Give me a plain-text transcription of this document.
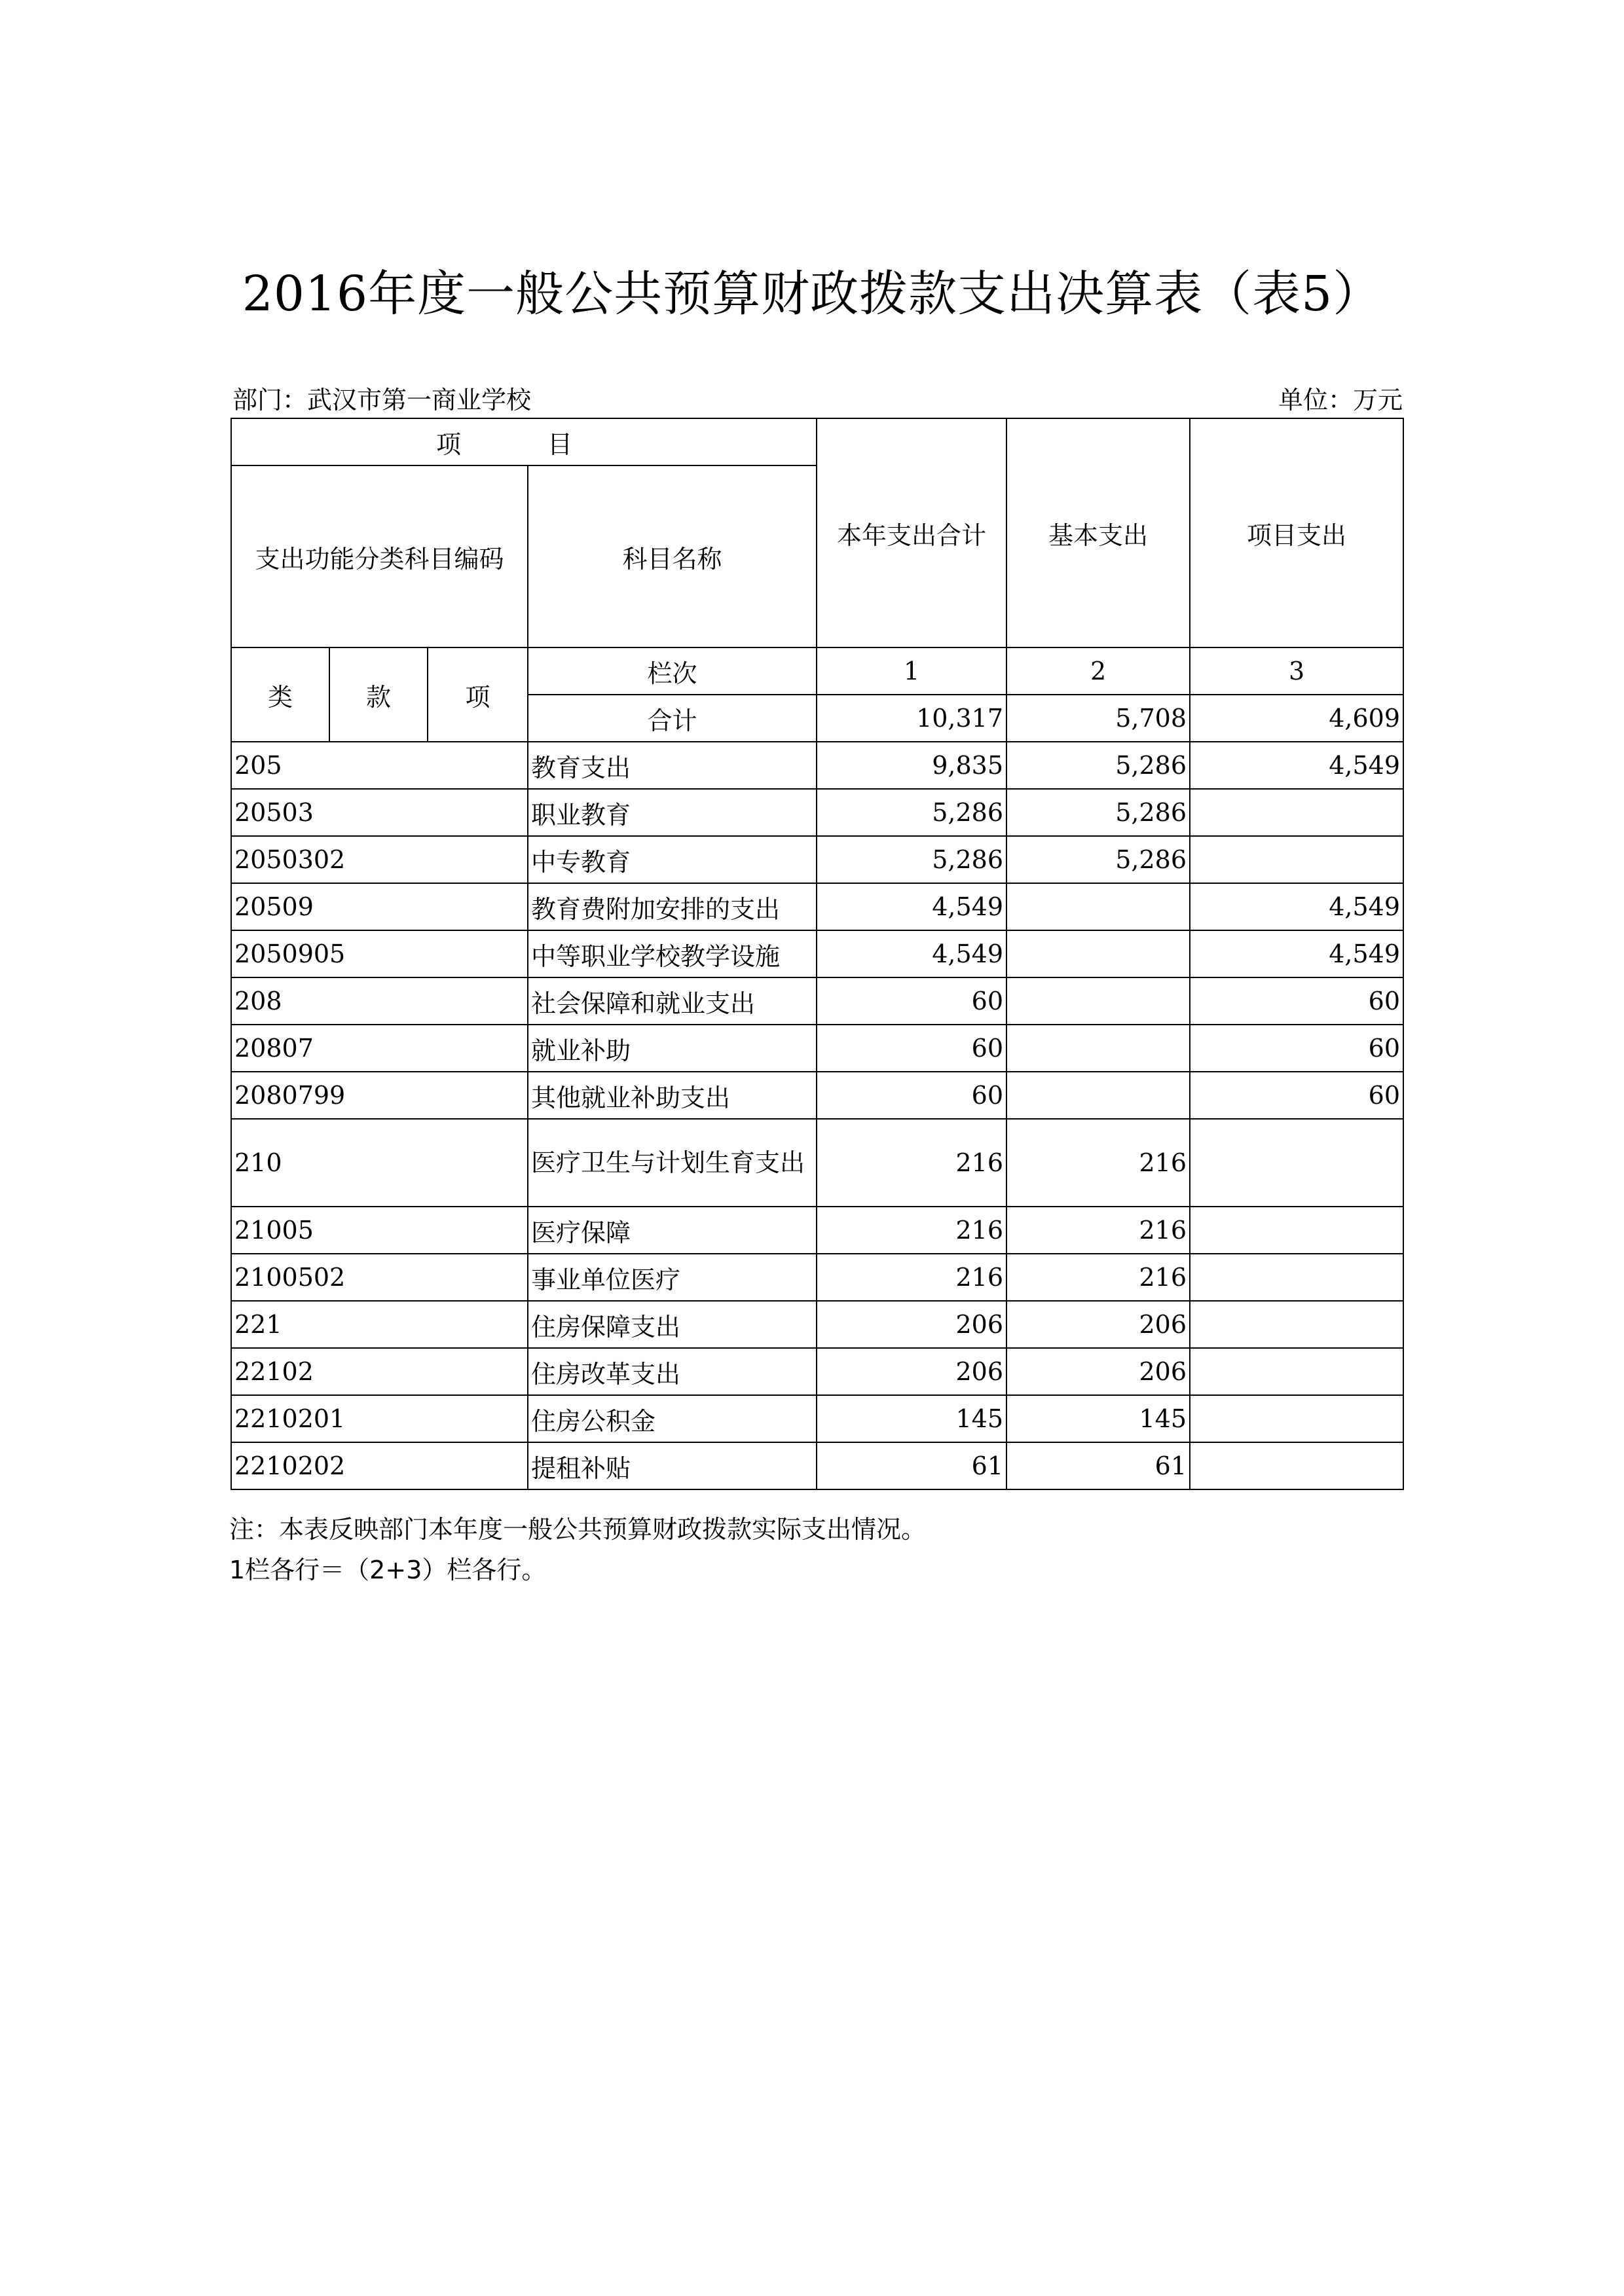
2016年度一般公共预算财政拨款支出决算表（表5）
部门：武汉市第一商业学校	单位：万元
项 目				本年支出合计	基本支出	项目支出
支出功能分类科目编码			科目名称			
类	款	项	栏次	1	2	3
			合计	10,317	5,708	4,609
205			教育支出	9,835	5,286	4,549
20503			职业教育	5,286	5,286	
2050302			中专教育	5,286	5,286	
20509			教育费附加安排的支出	4,549		4,549
2050905			中等职业学校教学设施	4,549		4,549
208			社会保障和就业支出	60		60
20807			就业补助	60		60
2080799			其他就业补助支出	60		60
210			医疗卫生与计划生育支出	216	216	
21005			医疗保障	216	216	
2100502			事业单位医疗	216	216	
221			住房保障支出	206	206	
22102			住房改革支出	206	206	
2210201			住房公积金	145	145	
2210202			提租补贴	61	61	
注：本表反映部门本年度一般公共预算财政拨款实际支出情况。
1栏各行＝（2+3）栏各行。
